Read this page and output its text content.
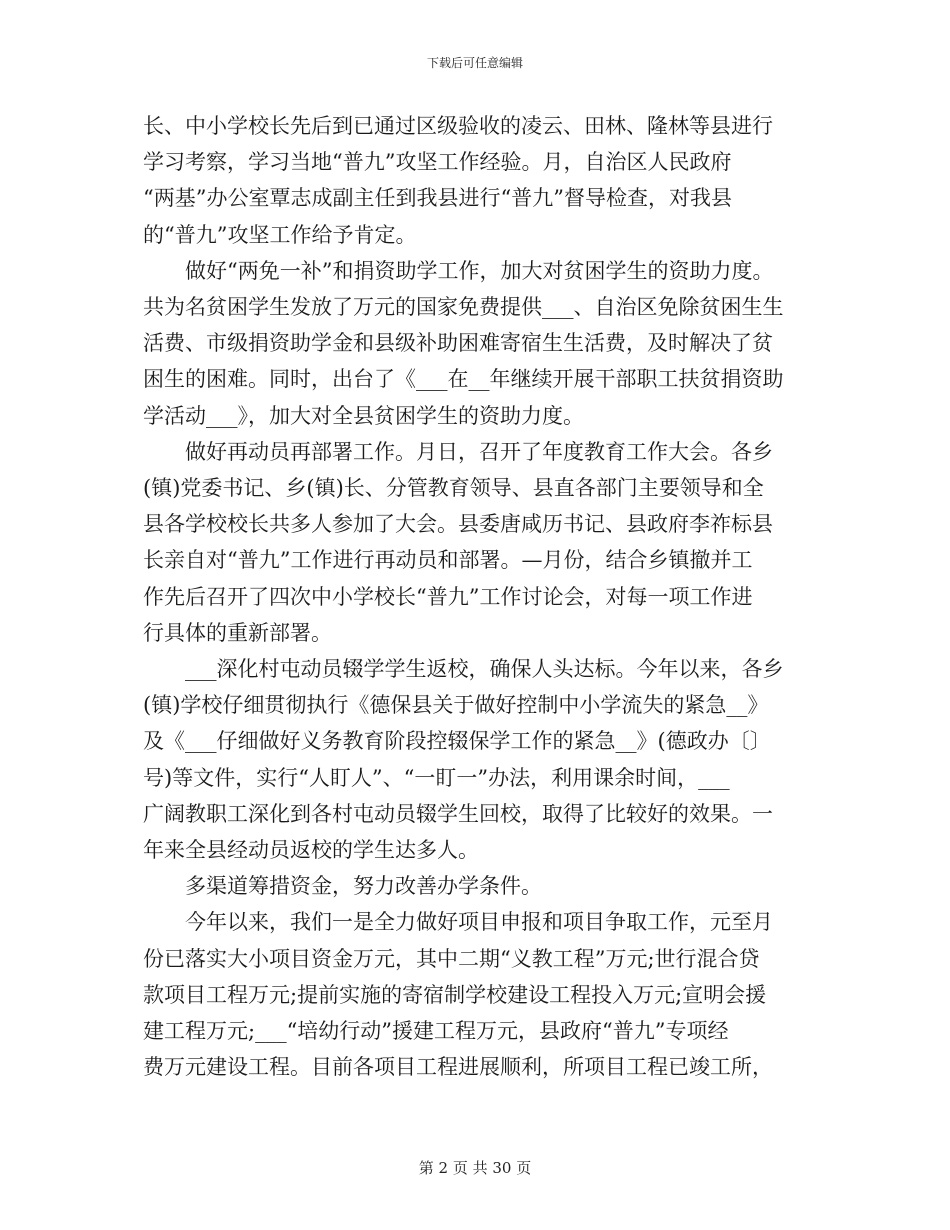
下载后可任意编辑

长、中小学校长先后到已通过区级验收的凌云、田林、隆林等县进行
学习考察，学习当地“普九”攻坚工作经验。月，自治区人民政府
“两基”办公室覃志成副主任到我县进行“普九”督导检查，对我县
的“普九”攻坚工作给予肯定。

做好“两免一补”和捐资助学工作，加大对贫困学生的资助力度。
共为名贫困学生发放了万元的国家免费提供___、自治区免除贫困生生
活费、市级捐资助学金和县级补助困难寄宿生生活费，及时解决了贫
困生的困难。同时，出台了《___在__年继续开展干部职工扶贫捐资助
学活动___》，加大对全县贫困学生的资助力度。

做好再动员再部署工作。月日，召开了年度教育工作大会。各乡
(镇)党委书记、乡(镇)长、分管教育领导、县直各部门主要领导和全
县各学校校长共多人参加了大会。县委唐咸历书记、县政府李祚标县
长亲自对“普九”工作进行再动员和部署。—月份，结合乡镇撤并工
作先后召开了四次中小学校长“普九”工作讨论会，对每一项工作进
行具体的重新部署。

___深化村屯动员辍学学生返校，确保人头达标。今年以来，各乡
(镇)学校仔细贯彻执行《德保县关于做好控制中小学流失的紧急__》
及《___仔细做好义务教育阶段控辍保学工作的紧急__》(德政办〔〕
号)等文件，实行“人盯人”、“一盯一”办法，利用课余时间，___
广阔教职工深化到各村屯动员辍学生回校，取得了比较好的效果。一
年来全县经动员返校的学生达多人。

多渠道筹措资金，努力改善办学条件。

今年以来，我们一是全力做好项目申报和项目争取工作，元至月
份已落实大小项目资金万元，其中二期“义教工程”万元;世行混合贷
款项目工程万元;提前实施的寄宿制学校建设工程投入万元;宣明会援
建工程万元;___“培幼行动”援建工程万元，县政府“普九”专项经
费万元建设工程。目前各项目工程进展顺利，所项目工程已竣工所，

第 2 页 共 30 页
